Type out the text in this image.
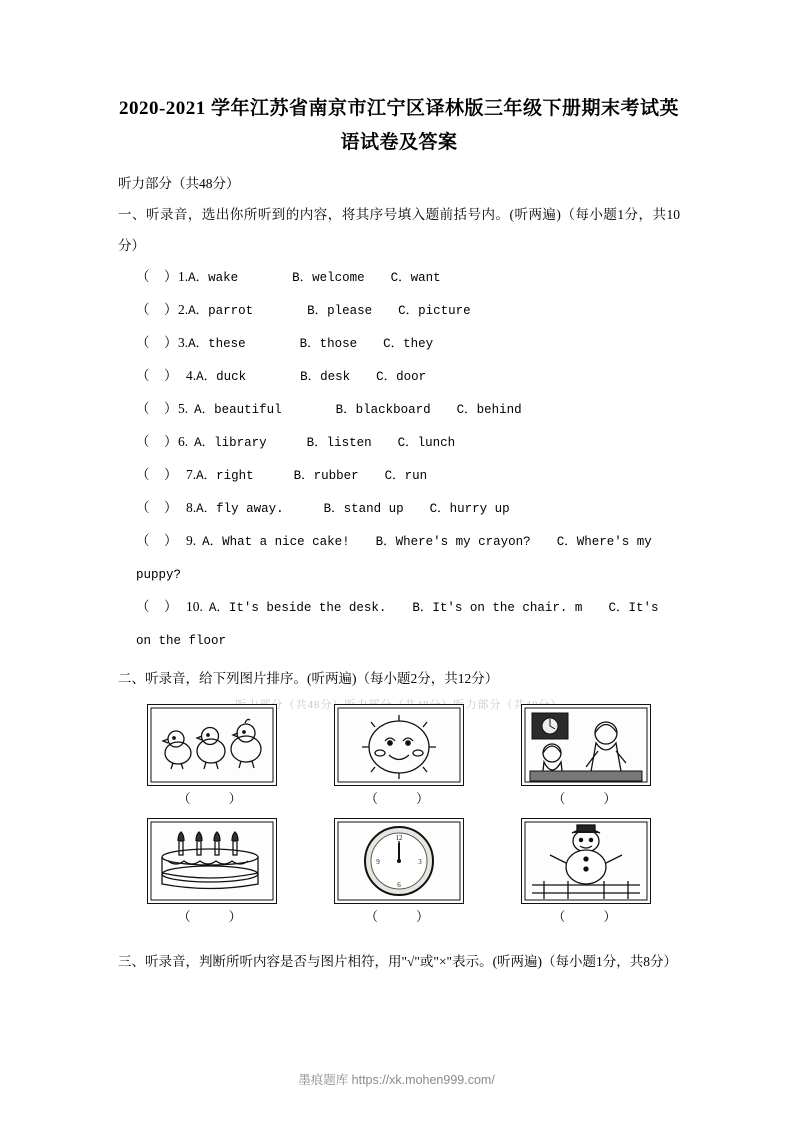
2020-2021 学年江苏省南京市江宁区译林版三年级下册期末考试英语试卷及答案

听力部分（共48分）

一、听录音，选出你所听到的内容，将其序号填入题前括号内。(听两遍)（每小题1分，共10分）

（　）1.A．wake	B．welcome C．want

（　）2.A．parrot	B．please C．picture

（　）3.A．these	B．those C．they

（　） 4.A．duck	B．desk C．door

（　）5. A．beautiful	B．blackboard C．behind

（　）6. A．library	B．listen C．lunch

（　） 7.A．right	B．rubber C．run

（　） 8.A．fly away.	B．stand up C．hurry up

（　） 9. A．What a nice cake! B．Where's my crayon? C．Where's my puppy?

（　） 10. A．It's beside the desk. B．It's on the chair. m C．It's on the floor

二、听录音，给下列图片排序。(听两遍)（每小题2分，共12分）

（　　）	（　　）	（　　）
（　　）
12
3
6
9
（　　）	（　　）

三、听录音，判断所听内容是否与图片相符，用"√"或"×"表示。(听两遍)（每小题1分，共8分）

墨痕题库 https://xk.mohen999.com/
